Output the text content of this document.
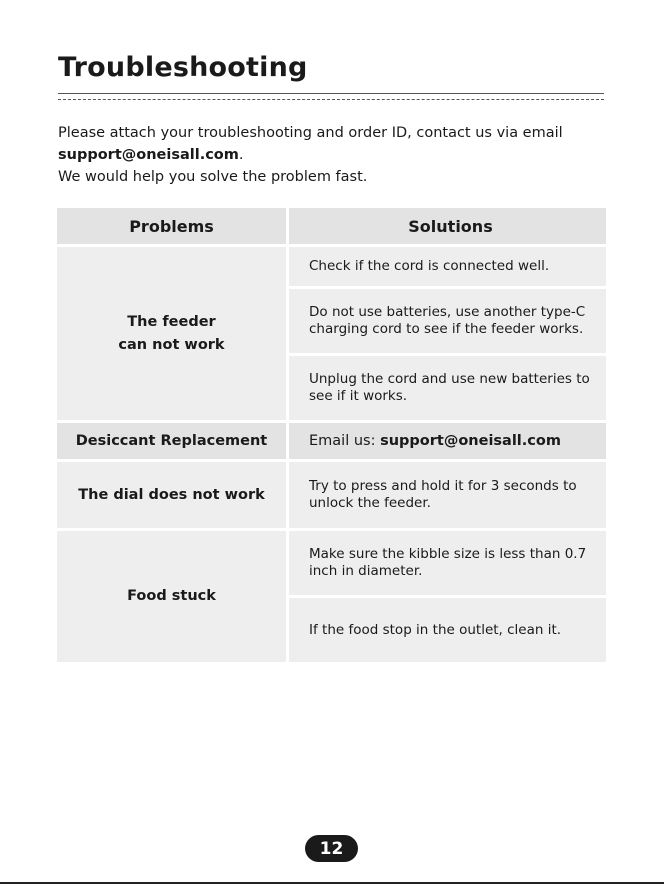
Troubleshooting

Please attach your troubleshooting and order ID, contact us via email

support@oneisall.com.

We would help you solve the problem fast.

Problems	Solutions
The feeder
can not work
Check if the cord is connected well.
Do not use batteries, use another type-C charging cord to see if the feeder works.
Unplug the cord and use new batteries to see if it works.
Desiccant Replacement	Email us:
support@oneisall.com
The dial does not work
Try to press and hold it for 3 seconds to unlock the feeder.
Food stuck
Make sure the kibble size is less than 0.7 inch in diameter.
If the food stop in the outlet, clean it.
12
